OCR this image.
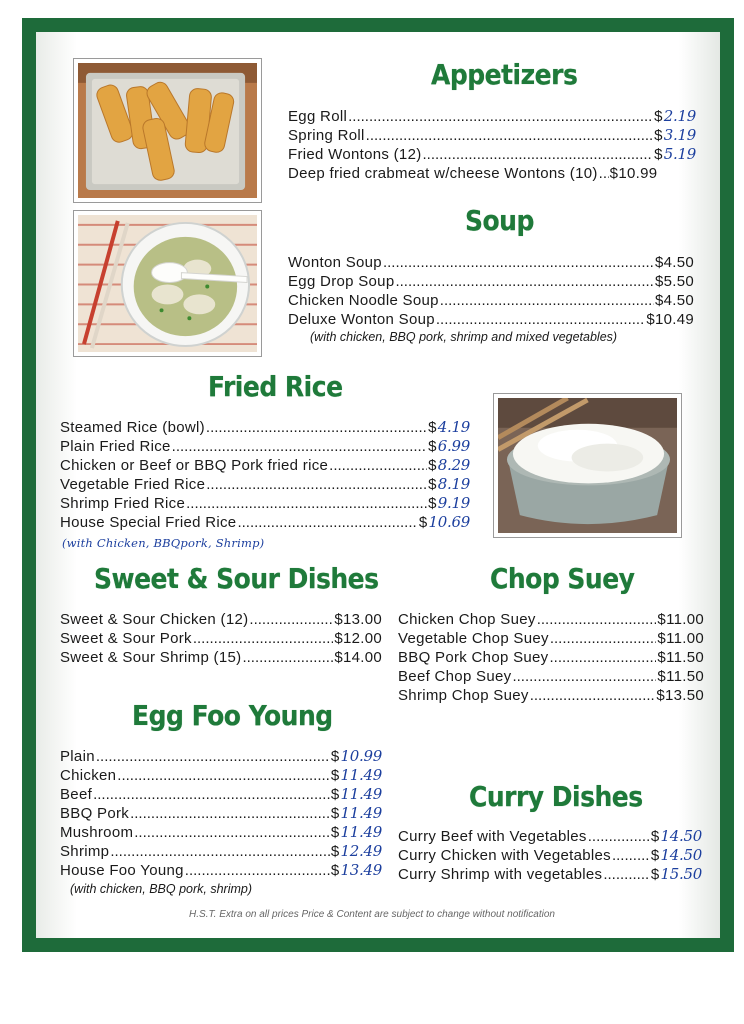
Appetizers
Egg Roll .....	$ 2.19
Spring Roll .....	$ 3.19
Fried Wontons (12) .....	$ 5.19
Deep fried crabmeat w/cheese Wontons (10) ..... $10.99
Soup
Wonton Soup .....	$4.50
Egg Drop Soup .....	$5.50
Chicken Noodle Soup .....	$4.50
Deluxe Wonton Soup .....	$10.49
(with chicken, BBQ pork, shrimp and mixed vegetables)
Fried Rice
Steamed Rice (bowl) .....	$ 4.19
Plain Fried Rice .....	$ 6.99
Chicken or Beef or BBQ Pork fried rice .....	$ 8.29
Vegetable Fried Rice .....	$ 8.19
Shrimp Fried Rice .....	$ 9.19
House Special Fried Rice .....	$ 10.69
(with Chicken, BBQpork, Shrimp)
Sweet & Sour Dishes
Sweet & Sour Chicken (12) .....	$13.00
Sweet & Sour Pork .....	$12.00
Sweet & Sour Shrimp (15) .....	$14.00
Chop Suey
Chicken Chop Suey .....	$11.00
Vegetable Chop Suey .....	$11.00
BBQ Pork Chop Suey .....	$11.50
Beef Chop Suey .....	$11.50
Shrimp Chop Suey .....	$13.50
Egg Foo Young
Plain .....	$ 10.99
Chicken .....	$ 11.49
Beef .....	$ 11.49
BBQ Pork .....	$ 11.49
Mushroom .....	$ 11.49
Shrimp .....	$ 12.49
House Foo Young .....	$ 13.49
(with chicken, BBQ pork, shrimp)
Curry Dishes
Curry Beef with Vegetables .....	$ 14.50
Curry Chicken with Vegetables .....	$ 14.50
Curry Shrimp with vegetables .....	$ 15.50
H.S.T. Extra on all prices Price & Content are subject to change without notification
